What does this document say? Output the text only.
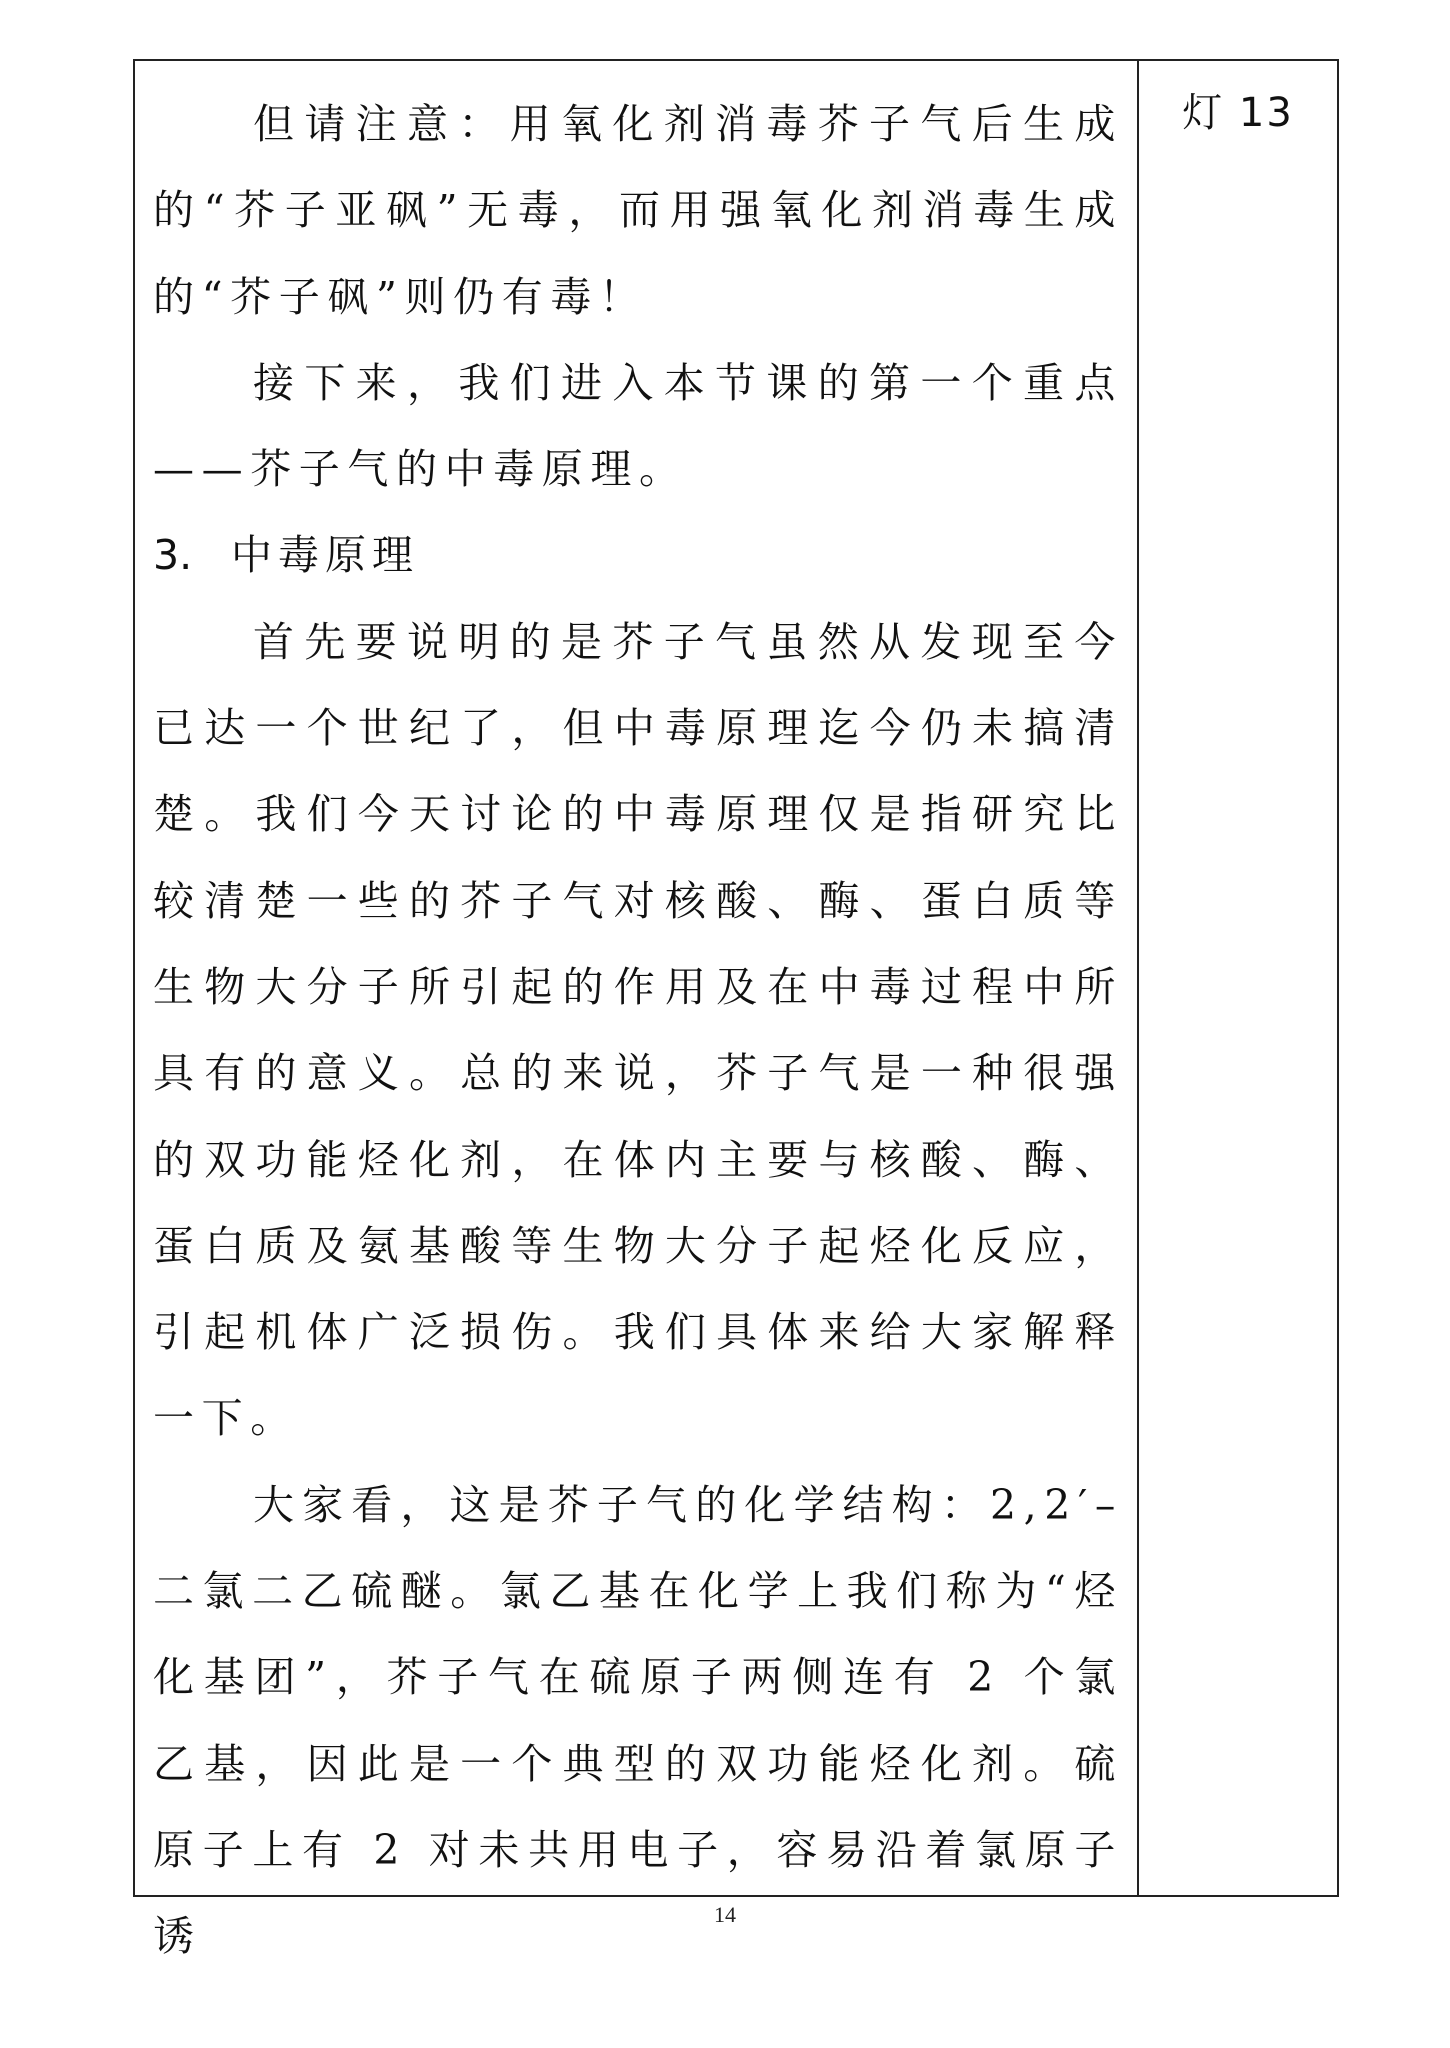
但请注意：用氧化剂消毒芥子气后生成的“芥子亚砜”无毒，而用强氧化剂消毒生成的“芥子砜”则仍有毒！

接下来，我们进入本节课的第一个重点——芥子气的中毒原理。

3. 中毒原理

首先要说明的是芥子气虽然从发现至今已达一个世纪了，但中毒原理迄今仍未搞清楚。我们今天讨论的中毒原理仅是指研究比较清楚一些的芥子气对核酸、酶、蛋白质等生物大分子所引起的作用及在中毒过程中所具有的意义。总的来说，芥子气是一种很强的双功能烃化剂，在体内主要与核酸、酶、蛋白质及氨基酸等生物大分子起烃化反应，引起机体广泛损伤。我们具体来给大家解释一下。

大家看，这是芥子气的化学结构：2,2′–二氯二乙硫醚。氯乙基在化学上我们称为“烃化基团”，芥子气在硫原子两侧连有 2 个氯乙基，因此是一个典型的双功能烃化剂。硫原子上有 2 对未共用电子，容易沿着氯原子诱

灯 13
14
